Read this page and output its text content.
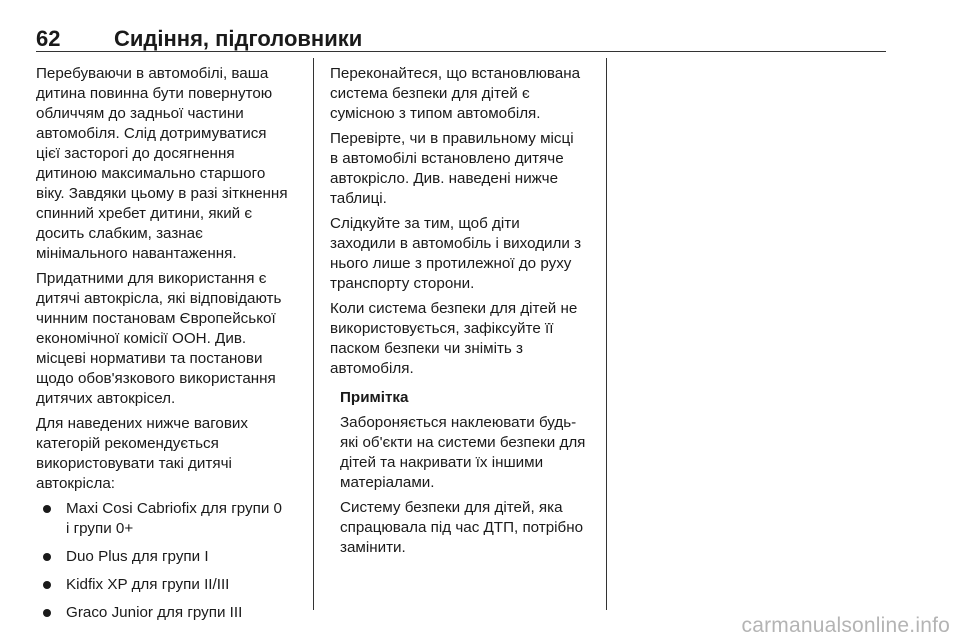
62 Сидіння, підголовники

Перебуваючи в автомобілі, ваша
дитина повинна бути повернутою
обличчям до задньої частини
автомобіля. Слід дотримуватися
цієї засторогі до досягнення
дитиною максимально старшого
віку. Завдяки цьому в разі зіткнення
спинний хребет дитини, який є
досить слабким, зазнає
мінімального навантаження.

Придатними для використання є
дитячі автокрісла, які відповідають
чинним постановам Європейської
економічної комісії ООН. Див.
місцеві нормативи та постанови
щодо обов'язкового використання
дитячих автокрісел.

Для наведених нижче вагових
категорій рекомендується
використовувати такі дитячі
автокрісла:

Maxi Cosi Cabriofix для групи 0
і групи 0+
Duo Plus для групи I
Kidfix XP для групи II/III
Graco Junior для групи III

Переконайтеся, що встановлювана
система безпеки для дітей є
сумісною з типом автомобіля.

Перевірте, чи в правильному місці
в автомобілі встановлено дитяче
автокрісло. Див. наведені нижче
таблиці.

Слідкуйте за тим, щоб діти
заходили в автомобіль і виходили з
нього лише з протилежної до руху
транспорту сторони.

Коли система безпеки для дітей не
використовується, зафіксуйте її
паском безпеки чи зніміть з
автомобіля.

Примітка

Забороняється наклеювати будь-
які об'єкти на системи безпеки для
дітей та накривати їх іншими
матеріалами.

Систему безпеки для дітей, яка
спрацювала під час ДТП, потрібно
замінити.

carmanualsonline.info
